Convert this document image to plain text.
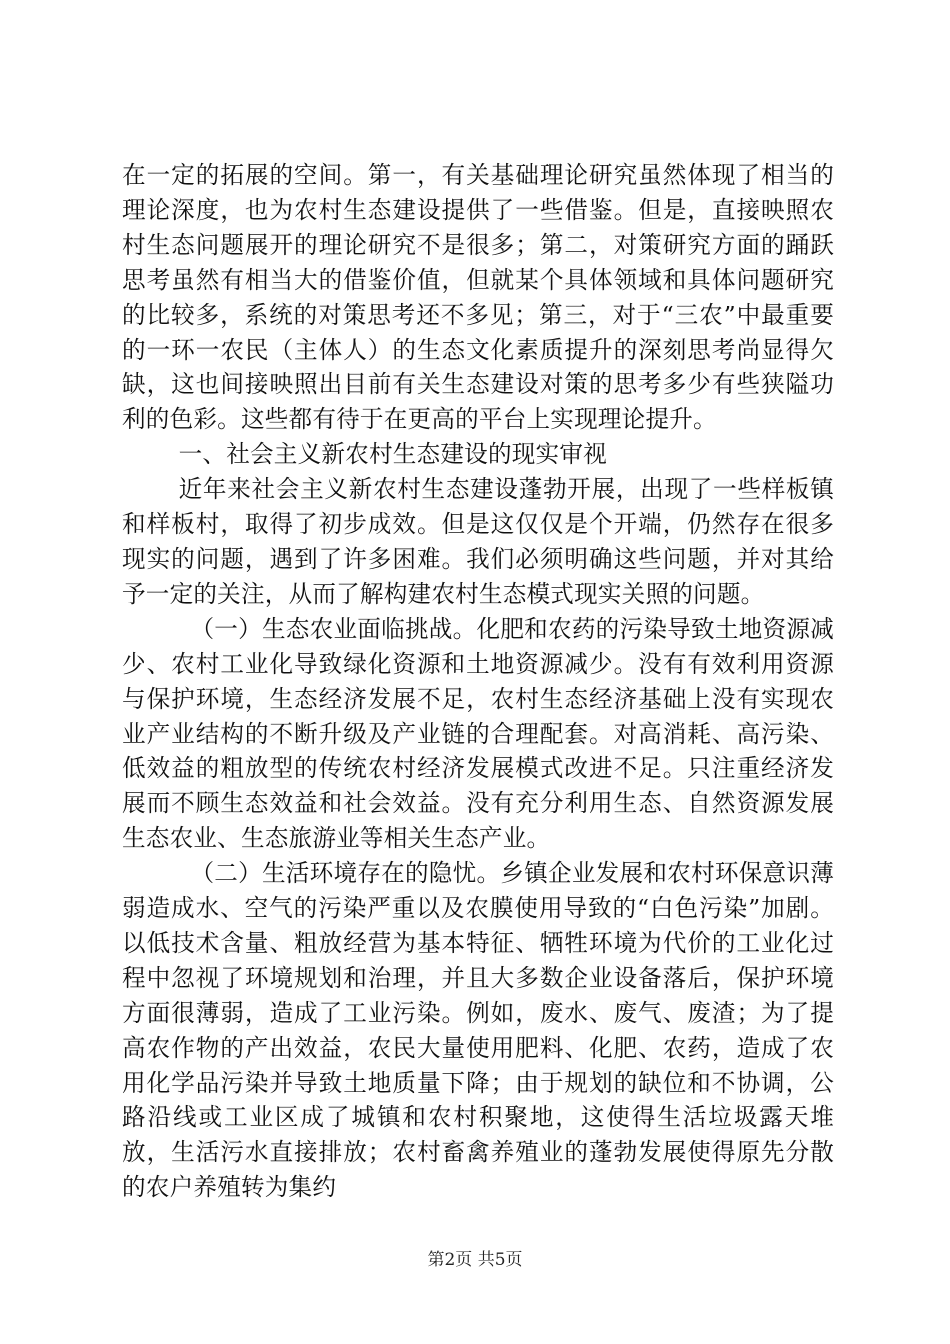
在一定的拓展的空间。第一，有关基础理论研究虽然体现了相当的理论深度，也为农村生态建设提供了一些借鉴。但是，直接映照农村生态问题展开的理论研究不是很多；第二，对策研究方面的踊跃思考虽然有相当大的借鉴价值，但就某个具体领域和具体问题研究的比较多，系统的对策思考还不多见；第三，对于“三农”中最重要的一环一农民（主体人）的生态文化素质提升的深刻思考尚显得欠缺，这也间接映照出目前有关生态建设对策的思考多少有些狭隘功利的色彩。这些都有待于在更高的平台上实现理论提升。

一、社会主义新农村生态建设的现实审视

近年来社会主义新农村生态建设蓬勃开展，出现了一些样板镇和样板村，取得了初步成效。但是这仅仅是个开端，仍然存在很多现实的问题，遇到了许多困难。我们必须明确这些问题，并对其给予一定的关注，从而了解构建农村生态模式现实关照的问题。

（一）生态农业面临挑战。化肥和农药的污染导致土地资源减少、农村工业化导致绿化资源和土地资源减少。没有有效利用资源与保护环境，生态经济发展不足，农村生态经济基础上没有实现农业产业结构的不断升级及产业链的合理配套。对高消耗、高污染、低效益的粗放型的传统农村经济发展模式改进不足。只注重经济发展而不顾生态效益和社会效益。没有充分利用生态、自然资源发展生态农业、生态旅游业等相关生态产业。

（二）生活环境存在的隐忧。乡镇企业发展和农村环保意识薄弱造成水、空气的污染严重以及农膜使用导致的“白色污染”加剧。以低技术含量、粗放经营为基本特征、牺牲环境为代价的工业化过程中忽视了环境规划和治理，并且大多数企业设备落后，保护环境方面很薄弱，造成了工业污染。例如，废水、废气、废渣；为了提高农作物的产出效益，农民大量使用肥料、化肥、农药，造成了农用化学品污染并导致土地质量下降；由于规划的缺位和不协调，公路沿线或工业区成了城镇和农村积聚地，这使得生活垃圾露天堆放，生活污水直接排放；农村畜禽养殖业的蓬勃发展使得原先分散的农户养殖转为集约

第2页 共5页
